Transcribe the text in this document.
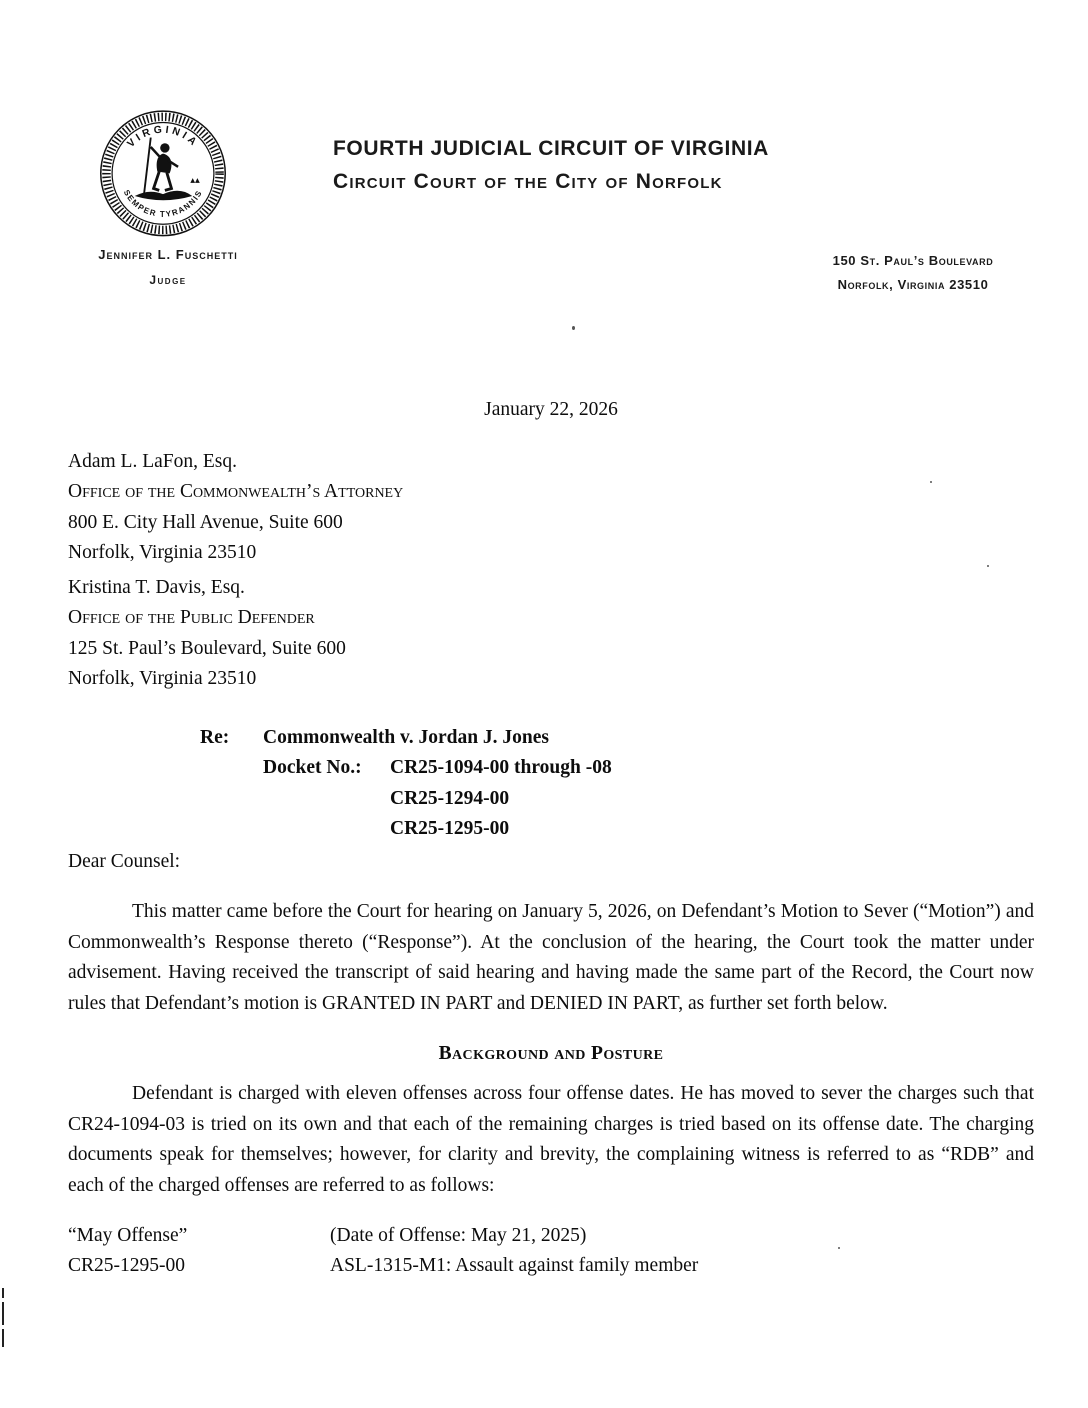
VIRGINIA
SEMPER TYRANNIS
FOURTH JUDICIAL CIRCUIT OF VIRGINIA
Circuit Court of the City of Norfolk
Jennifer L. Fuschetti
Judge
150 St. Paul’s Boulevard
Norfolk, Virginia 23510
January 22, 2026
Adam L. LaFon, Esq.
Office of the Commonwealth’s Attorney
800 E. City Hall Avenue, Suite 600
Norfolk, Virginia 23510
Kristina T. Davis, Esq.
Office of the Public Defender
125 St. Paul’s Boulevard, Suite 600
Norfolk, Virginia 23510
Re:	Commonwealth v. Jordan J. Jones
Docket No.:	CR25-1094-00 through -08
CR25-1294-00
CR25-1295-00
Dear Counsel:

This matter came before the Court for hearing on January 5, 2026, on Defendant’s Motion to Sever (“Motion”) and Commonwealth’s Response thereto (“Response”). At the conclusion of the hearing, the Court took the matter under advisement. Having received the transcript of said hearing and having made the same part of the Record, the Court now rules that Defendant’s motion is GRANTED IN PART and DENIED IN PART, as further set forth below.

Background and Posture

Defendant is charged with eleven offenses across four offense dates. He has moved to sever the charges such that CR24-1094-03 is tried on its own and that each of the remaining charges is tried based on its offense date. The charging documents speak for themselves; however, for clarity and brevity, the complaining witness is referred to as “RDB” and each of the charged offenses are referred to as follows:

“May Offense”	(Date of Offense: May 21, 2025)
CR25-1295-00	ASL-1315-M1: Assault against family member
